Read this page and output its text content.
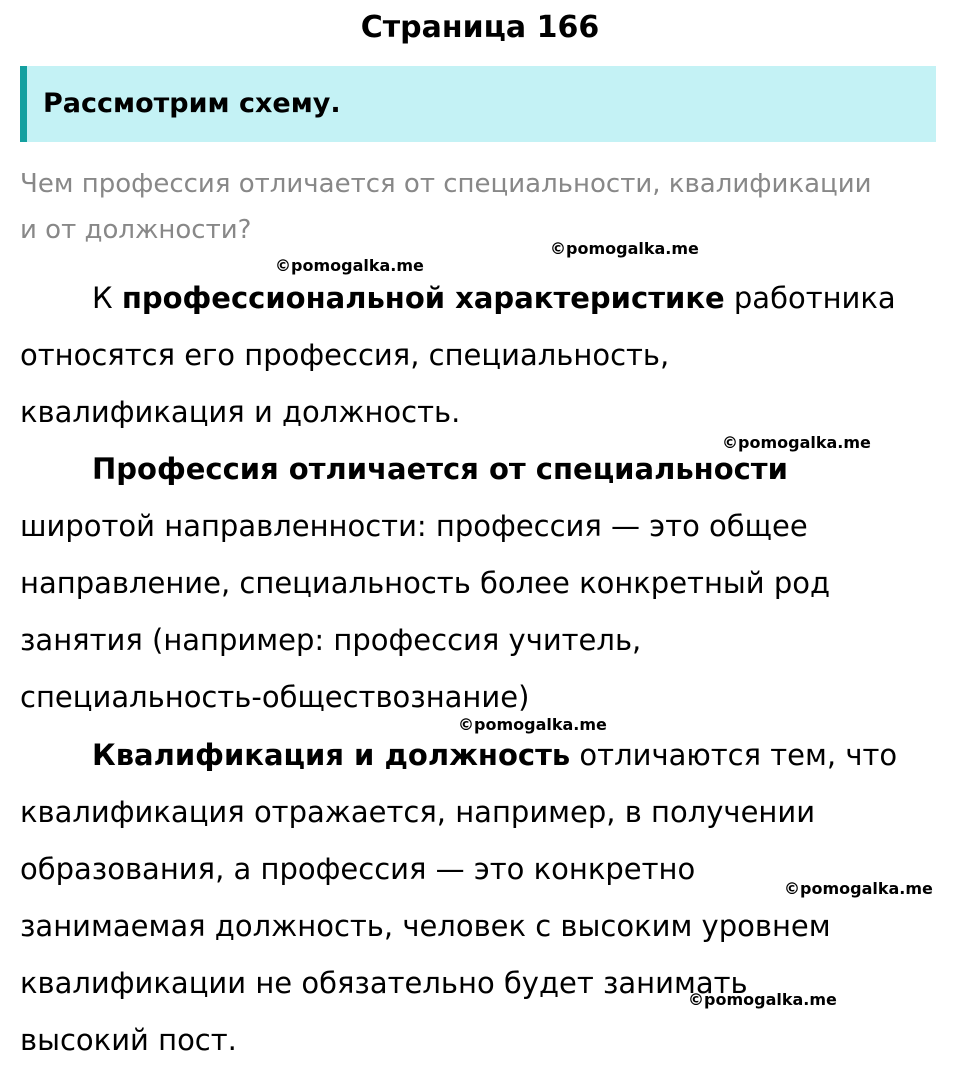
Страница 166
Рассмотрим схему.
Чем профессия отличается от специальности, квалификации
и от должности?
К профессиональной характеристике работника
относятся его профессия, специальность,
квалификация и должность.
Профессия отличается от специальности
широтой направленности: профессия — это общее
направление, специальность более конкретный род
занятия (например: профессия учитель,
специальность-обществознание)
Квалификация и должность отличаются тем, что
квалификация отражается, например, в получении
образования, а профессия — это конкретно
занимаемая должность, человек с высоким уровнем
квалификации не обязательно будет занимать
высокий пост.
©pomogalka.me
©pomogalka.me
©pomogalka.me
©pomogalka.me
©pomogalka.me
©pomogalka.me
